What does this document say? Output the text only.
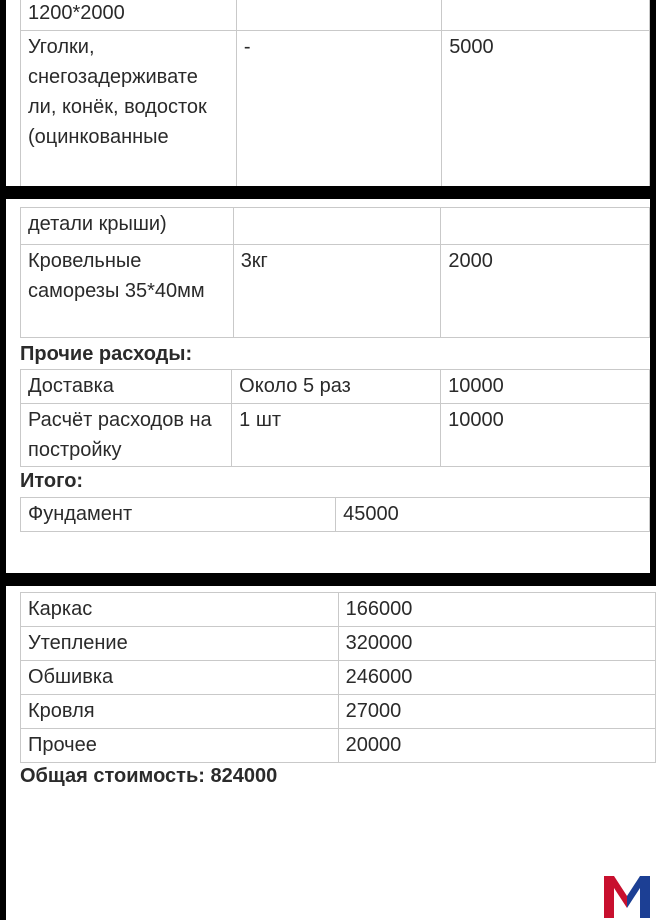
1200*2000		
Уголки, снегозадерживате ли, конёк, водосток (оцинкованные	-	5000
детали крыши)		
Кровельные саморезы 35*40мм	3кг	2000
Прочие расходы:
Доставка	Около 5 раз	10000
Расчёт расходов на постройку	1 шт	10000
Итого:
Фундамент	45000
Каркас	166000
Утепление	320000
Обшивка	246000
Кровля	27000
Прочее	20000
Общая стоимость: 824000
